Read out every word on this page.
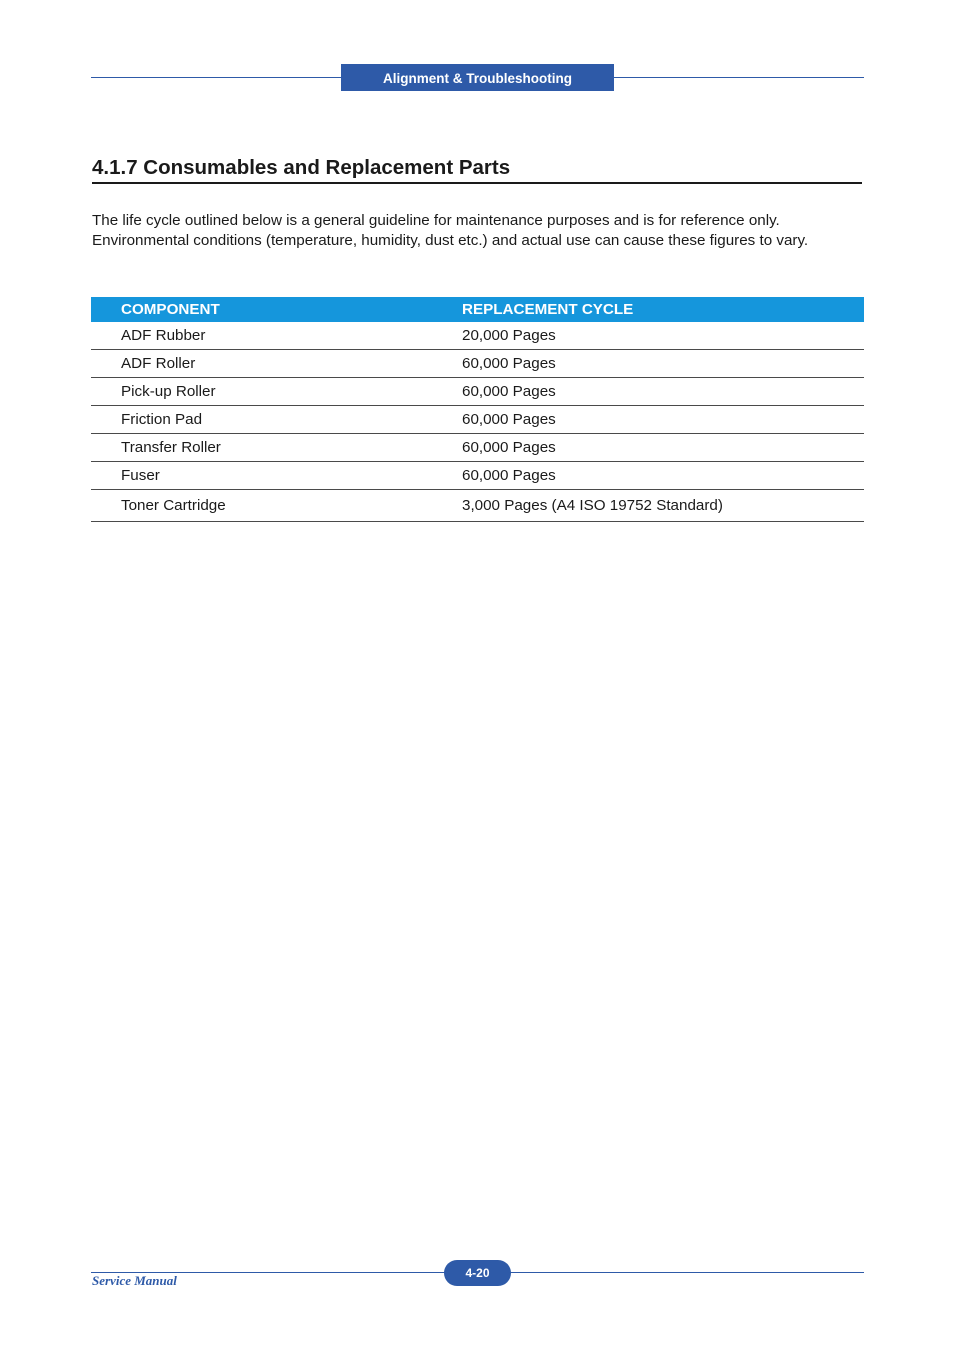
Alignment & Troubleshooting
4.1.7 Consumables and Replacement Parts

The life cycle outlined below is a general guideline for maintenance purposes and is for reference only.
Environmental conditions (temperature, humidity, dust etc.) and actual use can cause these figures to vary.

COMPONENT	REPLACEMENT CYCLE
ADF Rubber	20,000 Pages
ADF Roller	60,000 Pages
Pick-up Roller	60,000 Pages
Friction Pad	60,000 Pages
Transfer Roller	60,000 Pages
Fuser	60,000 Pages
Toner Cartridge	3,000 Pages (A4 ISO 19752 Standard)
Service Manual	4-20
